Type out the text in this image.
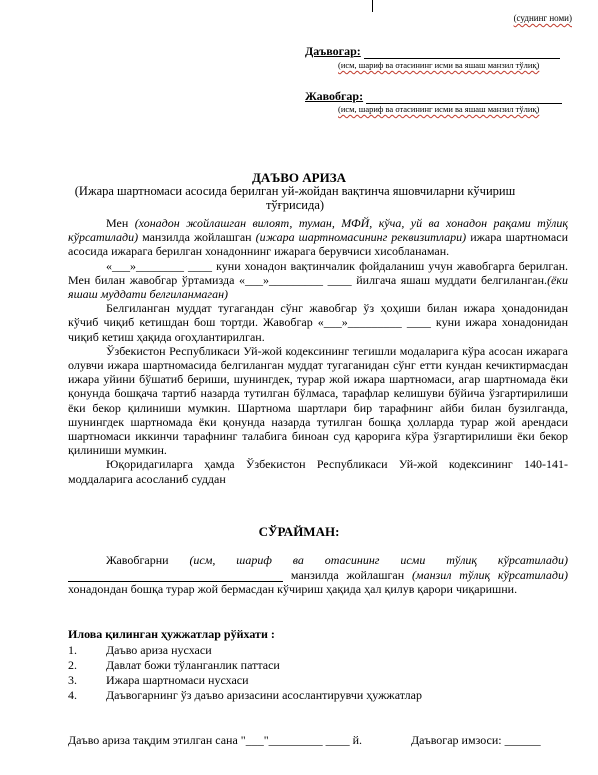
(суднинг номи)
Даъвогар:
(исм, шариф ва отасининг исми ва яшаш манзил тўлиқ)
Жавобгар:
(исм, шариф ва отасининг исми ва яшаш манзил тўлиқ)
ДАЪВО АРИЗА
(Ижара шартномаси асосида берилган уй-жойдан вақтинча яшовчиларни кўчириш тўғрисида)

Мен (хонадон жойлашган вилоят, туман, МФЙ, кўча, уй ва хонадон рақами тўлиқ кўрсатилади) манзилда жойлашган (ижара шартномасининг реквизитлари) ижара шартномаси асосида ижарага берилган хонадоннинг ижарага берувчиси хисобланаман.

«___»________ ____ куни хонадон вақтинчалик фойдаланиш учун жавобгарга берилган. Мен билан жавобгар ўртамизда «___»_________ ____ йилгача яшаш муддати белгиланган.(ёки яшаш муддати белгиланмаган)

Белгиланган муддат тугагандан сўнг жавобгар ўз ҳоҳиши билан ижара ҳонадонидан кўчиб чиқиб кетишдан бош тортди. Жавобгар «___»_________ ____ куни ижара хонадонидан чиқиб кетиш ҳақида огоҳлантирилган.

Ўзбекистон Республикаси Уй-жой кодексининг тегишли модаларига кўра асосан ижарага олувчи ижара шартномасида белгиланган муддат тугаганидан сўнг етти кундан кечиктирмасдан ижара уйини бўшатиб бериши, шунингдек, турар жой ижара шартномаси, агар шартномада ёки қонунда бошқача тартиб назарда тутилган бўлмаса, тарафлар келишуви бўйича ўзгартирилиши ёки бекор қилиниши мумкин. Шартнома шартлари бир тарафнинг айби билан бузилганда, шунингдек шартномада ёки қонунда назарда тутилган бошқа ҳолларда турар жой арендаси шартномаси иккинчи тарафнинг талабига биноан суд қарорига кўра ўзгартирилиши ёки бекор қилиниши мумкин.

Юқоридагиларга ҳамда Ўзбекистон Республикаси Уй-жой кодексининг 140-141-моддаларига асосланиб суддан

СЎРАЙМАН:
Жавобгарни (исм, шариф ва отасининг исми тўлиқ кўрсатилади)  манзилда жойлашган (манзил тўлиқ кўрсатилади) хонадондан бошқа турар жой бермасдан кўчириш ҳақида ҳал қилув қарори чиқаришни.
Илова қилинган ҳужжатлар рўйхати :
1.	Даъво ариза нусхаси
2.	Давлат божи тўланганлик паттаси
3.	Ижара шартномаси нусхаси
4.	Даъвогарнинг ўз даъво аризасини асослантирувчи ҳужжатлар
Даъво ариза тақдим этилган сана "___"_________ ____ й.	Даъвогар имзоси: ______
